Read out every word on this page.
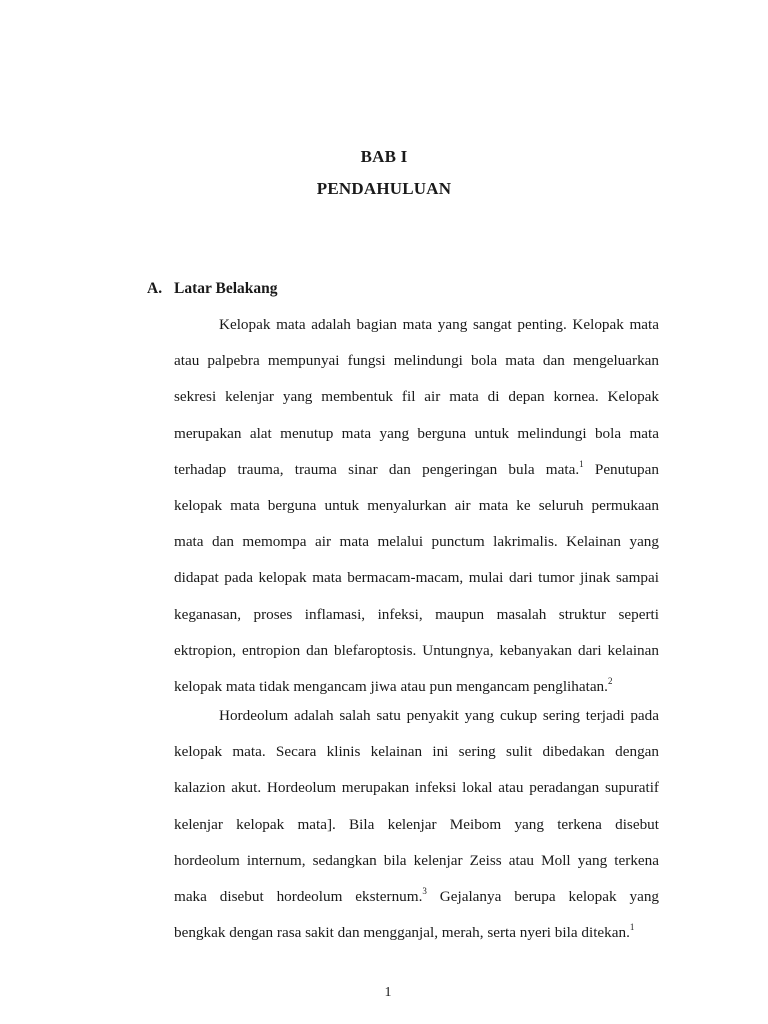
BAB I
PENDAHULUAN
A. Latar Belakang
Kelopak mata adalah bagian mata yang sangat penting. Kelopak mata
atau palpebra mempunyai fungsi melindungi bola mata dan mengeluarkan
sekresi kelenjar yang membentuk fil air mata di depan kornea. Kelopak
merupakan alat menutup mata yang berguna untuk melindungi bola mata
terhadap trauma, trauma sinar dan pengeringan bula mata.$^1$ Penutupan
kelopak mata berguna untuk menyalurkan air mata ke seluruh permukaan
mata dan memompa air mata melalui punctum lakrimalis. Kelainan yang
didapat pada kelopak mata bermacam-macam, mulai dari tumor jinak sampai
keganasan, proses inflamasi, infeksi, maupun masalah struktur seperti
ektropion, entropion dan blefaroptosis. Untungnya, kebanyakan dari kelainan
kelopak mata tidak mengancam jiwa atau pun mengancam penglihatan.$^2$
Hordeolum adalah salah satu penyakit yang cukup sering terjadi pada
kelopak mata. Secara klinis kelainan ini sering sulit dibedakan dengan
kalazion akut. Hordeolum merupakan infeksi lokal atau peradangan supuratif
kelenjar kelopak mata]. Bila kelenjar Meibom yang terkena disebut
hordeolum internum, sedangkan bila kelenjar Zeiss atau Moll yang terkena
maka disebut hordeolum eksternum.$^3$ Gejalanya berupa kelopak yang
bengkak dengan rasa sakit dan mengganjal, merah, serta nyeri bila ditekan.$^1$
1
